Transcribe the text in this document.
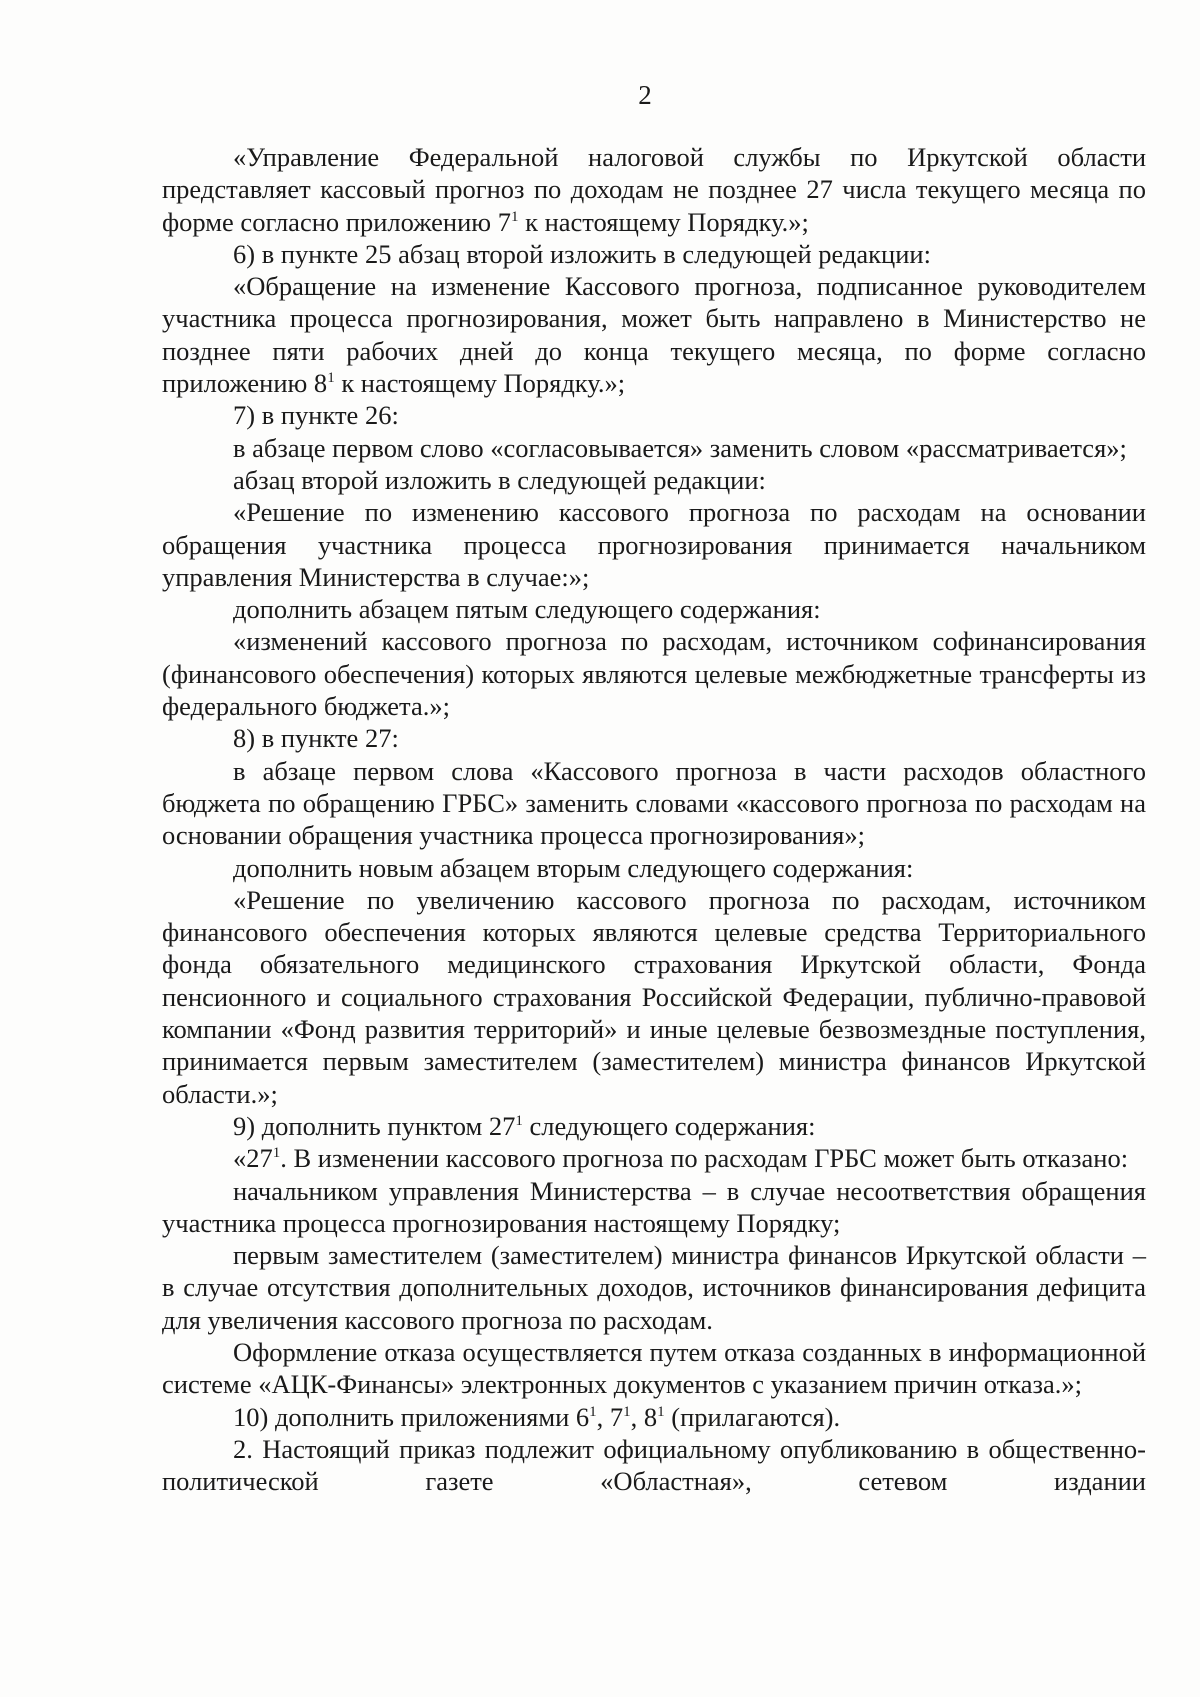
2

«Управление Федеральной налоговой службы по Иркутской области представляет кассовый прогноз по доходам не позднее 27 числа текущего месяца по форме согласно приложению $7^1$ к настоящему Порядку.»;

6) в пункте 25 абзац второй изложить в следующей редакции:

«Обращение на изменение Кассового прогноза, подписанное руководителем участника процесса прогнозирования, может быть направлено в Министерство не позднее пяти рабочих дней до конца текущего месяца, по форме согласно приложению $8^1$ к настоящему Порядку.»;

7) в пункте 26:

в абзаце первом слово «согласовывается» заменить словом «рассматривается»;

абзац второй изложить в следующей редакции:

«Решение по изменению кассового прогноза по расходам на основании обращения участника процесса прогнозирования принимается начальником управления Министерства в случае:»;

дополнить абзацем пятым следующего содержания:

«изменений кассового прогноза по расходам, источником софинансирования (финансового обеспечения) которых являются целевые межбюджетные трансферты из федерального бюджета.»;

8) в пункте 27:

в абзаце первом слова «Кассового прогноза в части расходов областного бюджета по обращению ГРБС» заменить словами «кассового прогноза по расходам на основании обращения участника процесса прогнозирования»;

дополнить новым абзацем вторым следующего содержания:

«Решение по увеличению кассового прогноза по расходам, источником финансового обеспечения которых являются целевые средства Территориального фонда обязательного медицинского страхования Иркутской области, Фонда пенсионного и социального страхования Российской Федерации, публично-правовой компании «Фонд развития территорий» и иные целевые безвозмездные поступления, принимается первым заместителем (заместителем) министра финансов Иркутской области.»;

9) дополнить пунктом $27^1$ следующего содержания:

«$27^1$. В изменении кассового прогноза по расходам ГРБС может быть отказано:

начальником управления Министерства – в случае несоответствия обращения участника процесса прогнозирования настоящему Порядку;

первым заместителем (заместителем) министра финансов Иркутской области – в случае отсутствия дополнительных доходов, источников финансирования дефицита для увеличения кассового прогноза по расходам.

Оформление отказа осуществляется путем отказа созданных в информационной системе «АЦК-Финансы» электронных документов с указанием причин отказа.»;

10) дополнить приложениями $6^1$, $7^1$, $8^1$ (прилагаются).

2. Настоящий приказ подлежит официальному опубликованию в общественно-политической газете «Областная», сетевом издании
